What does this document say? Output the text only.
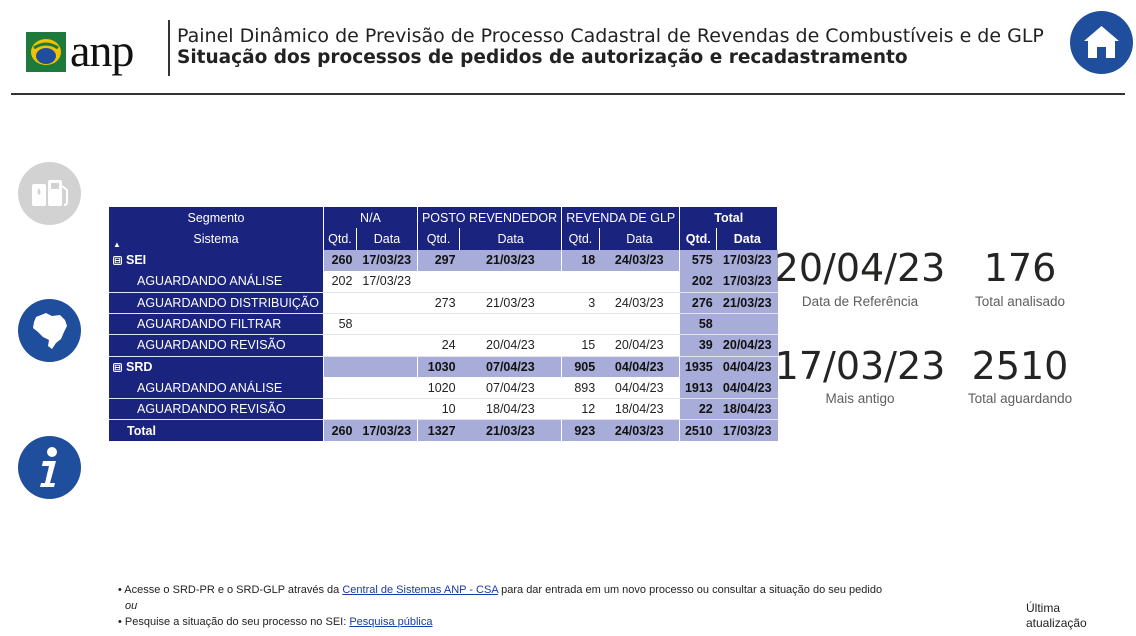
anp Painel Dinâmico de Previsão de Processo Cadastral de Revendas de Combustíveis e de GLP
Situação dos processos de pedidos de autorização e recadastramento
Segmento	N/A		POSTO REVENDEDOR		REVENDA DE GLP		Total	
Sistema
▲	Qtd.	Data	Qtd.	Data	Qtd.	Data	Qtd.	Data
⊟ SEI	260	17/03/23	297	21/03/23	18	24/03/23	575	17/03/23
AGUARDANDO ANÁLISE	202	17/03/23					202	17/03/23
AGUARDANDO DISTRIBUIÇÃO			273	21/03/23	3	24/03/23	276	21/03/23
AGUARDANDO FILTRAR	58						58	
AGUARDANDO REVISÃO			24	20/04/23	15	20/04/23	39	20/04/23
⊟ SRD			1030	07/04/23	905	04/04/23	1935	04/04/23
AGUARDANDO ANÁLISE			1020	07/04/23	893	04/04/23	1913	04/04/23
AGUARDANDO REVISÃO			10	18/04/23	12	18/04/23	22	18/04/23
Total	260	17/03/23	1327	21/03/23	923	24/03/23	2510	17/03/23
20/04/23
Data de Referência
176
Total analisado
17/03/23
Mais antigo
2510
Total aguardando
• Acesse o SRD-PR e o SRD-GLP através da Central de Sistemas ANP - CSA para dar entrada em um novo processo ou consultar a situação do seu pedido
ou
• Pesquise a situação do seu processo no SEI: Pesquisa pública
Última atualização
